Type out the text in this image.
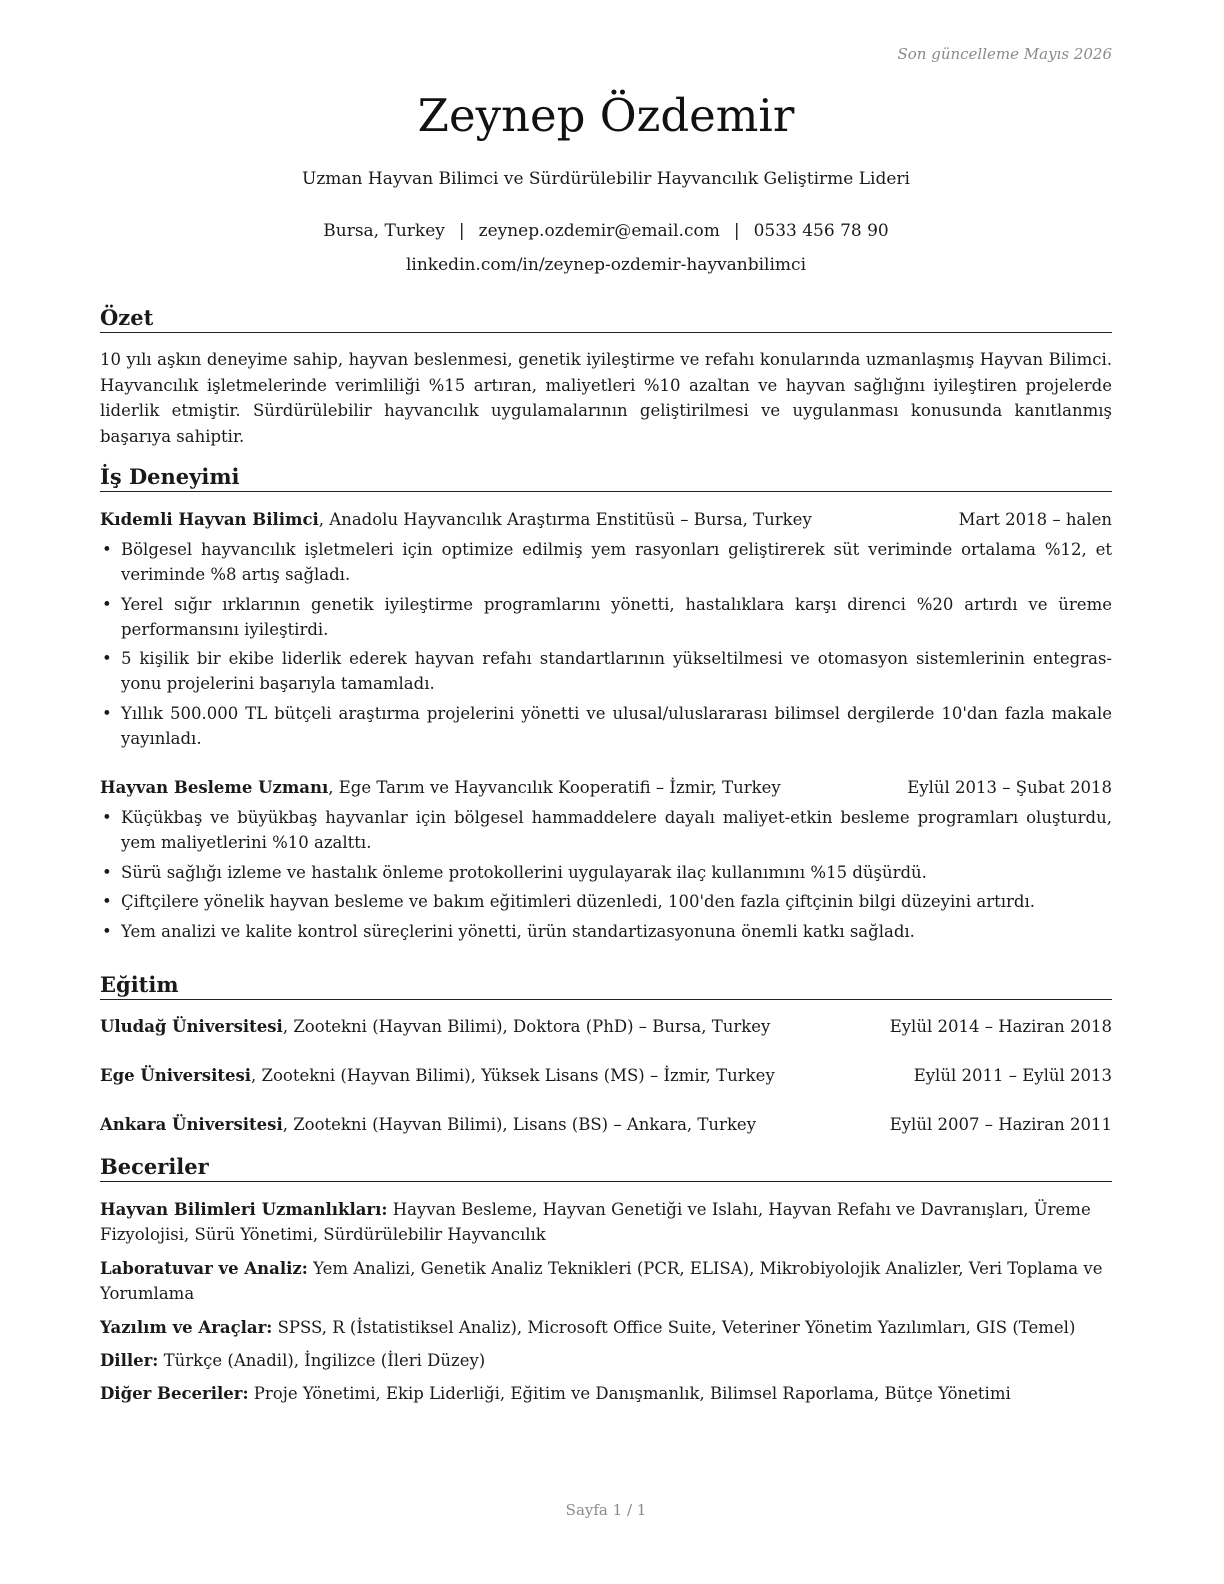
Son güncelleme Mayıs 2026
Zeynep Özdemir
Uzman Hayvan Bilimci ve Sürdürülebilir Hayvancılık Geliştirme Lideri
Bursa, Turkey | zeynep.ozdemir@email.com | 0533 456 78 90
linkedin.com/in/zeynep-ozdemir-hayvanbilimci
Özet
10 yılı aşkın deneyime sahip, hayvan beslenmesi, genetik iyileştirme ve refahı konularında uzmanlaşmış Hayvan Bilimci. Hayvancılık işletmelerinde verimliliği %15 artıran, maliyetleri %10 azaltan ve hayvan sağlığını iyileştiren projelerde liderlik etmiştir. Sürdürülebilir hayvancılık uygulamalarının geliştirilmesi ve uygulanması konusunda kanıtlanmış başarıya sahiptir.
İş Deneyimi
Kıdemli Hayvan Bilimci, Anadolu Hayvancılık Araştırma Enstitüsü – Bursa, Turkey	Mart 2018 – halen
• Bölgesel hayvancılık işletmeleri için optimize edilmiş yem rasyonları geliştirerek süt veriminde ortalama %12, et veriminde %8 artış sağladı.
• Yerel sığır ırklarının genetik iyileştirme programlarını yönetti, hastalıklara karşı direnci %20 artırdı ve üreme performansını iyileştirdi.
• 5 kişilik bir ekibe liderlik ederek hayvan refahı standartlarının yükseltilmesi ve otomasyon sistemlerinin entegrasyonu projelerini başarıyla tamamladı.
• Yıllık 500.000 TL bütçeli araştırma projelerini yönetti ve ulusal/uluslararası bilimsel dergilerde 10'dan fazla makale yayınladı.
Hayvan Besleme Uzmanı, Ege Tarım ve Hayvancılık Kooperatifi – İzmir, Turkey	Eylül 2013 – Şubat 2018
• Küçükbaş ve büyükbaş hayvanlar için bölgesel hammaddelere dayalı maliyet-etkin besleme programları oluşturdu, yem maliyetlerini %10 azalttı.
• Sürü sağlığı izleme ve hastalık önleme protokollerini uygulayarak ilaç kullanımını %15 düşürdü.
• Çiftçilere yönelik hayvan besleme ve bakım eğitimleri düzenledi, 100'den fazla çiftçinin bilgi düzeyini artırdı.
• Yem analizi ve kalite kontrol süreçlerini yönetti, ürün standartizasyonuna önemli katkı sağladı.
Eğitim
Uludağ Üniversitesi, Zootekni (Hayvan Bilimi), Doktora (PhD) – Bursa, Turkey	Eylül 2014 – Haziran 2018
Ege Üniversitesi, Zootekni (Hayvan Bilimi), Yüksek Lisans (MS) – İzmir, Turkey	Eylül 2011 – Eylül 2013
Ankara Üniversitesi, Zootekni (Hayvan Bilimi), Lisans (BS) – Ankara, Turkey	Eylül 2007 – Haziran 2011
Beceriler
Hayvan Bilimleri Uzmanlıkları: Hayvan Besleme, Hayvan Genetiği ve Islahı, Hayvan Refahı ve Davranışları, Üreme Fizyolojisi, Sürü Yönetimi, Sürdürülebilir Hayvancılık
Laboratuvar ve Analiz: Yem Analizi, Genetik Analiz Teknikleri (PCR, ELISA), Mikrobiyolojik Analizler, Veri Toplama ve Yorumlama
Yazılım ve Araçlar: SPSS, R (İstatistiksel Analiz), Microsoft Office Suite, Veteriner Yönetim Yazılımları, GIS (Temel)
Diller: Türkçe (Anadil), İngilizce (İleri Düzey)
Diğer Beceriler: Proje Yönetimi, Ekip Liderliği, Eğitim ve Danışmanlık, Bilimsel Raporlama, Bütçe Yönetimi
Sayfa 1 / 1
